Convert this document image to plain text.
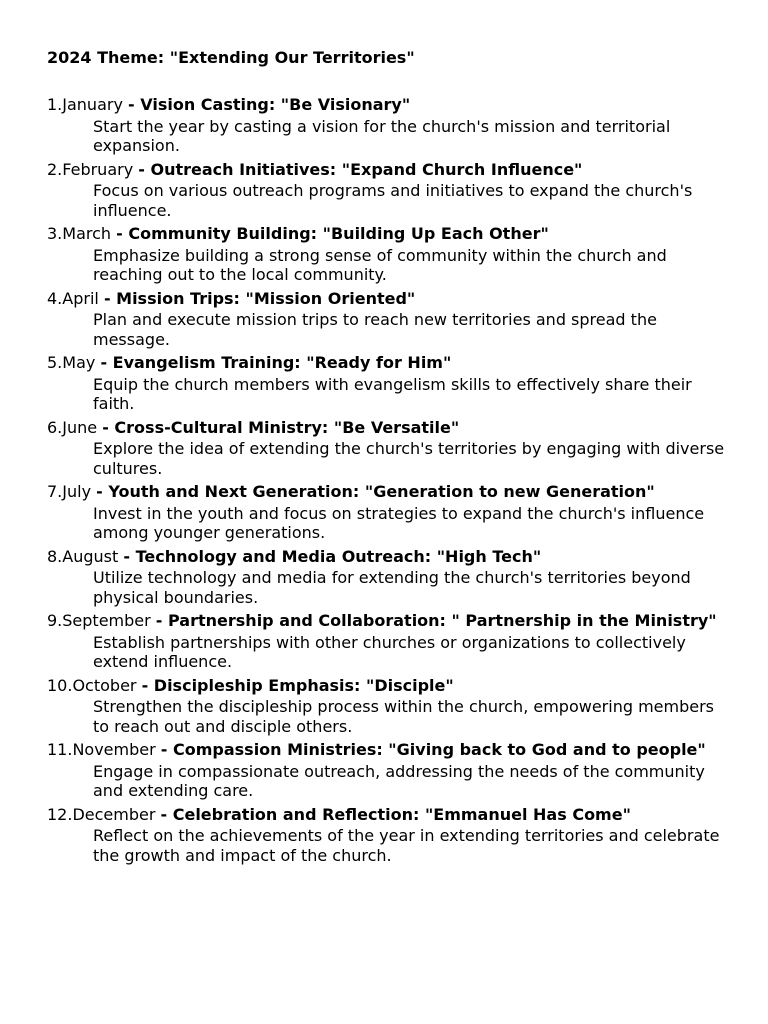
2024 Theme: "Extending Our Territories"
1.January - Vision Casting: "Be Visionary"
Start the year by casting a vision for the church's mission and territorial expansion.
2.February - Outreach Initiatives: "Expand Church Influence"
Focus on various outreach programs and initiatives to expand the church's influence.
3.March - Community Building: "Building Up Each Other"
Emphasize building a strong sense of community within the church and reaching out to the local community.
4.April - Mission Trips: "Mission Oriented"
Plan and execute mission trips to reach new territories and spread the message.
5.May - Evangelism Training: "Ready for Him"
Equip the church members with evangelism skills to effectively share their faith.
6.June - Cross-Cultural Ministry: "Be Versatile"
Explore the idea of extending the church's territories by engaging with diverse cultures.
7.July - Youth and Next Generation: "Generation to new Generation"
Invest in the youth and focus on strategies to expand the church's influence among younger generations.
8.August - Technology and Media Outreach: "High Tech"
Utilize technology and media for extending the church's territories beyond physical boundaries.
9.September - Partnership and Collaboration: " Partnership in the Ministry"
Establish partnerships with other churches or organizations to collectively extend influence.
10.October - Discipleship Emphasis: "Disciple"
Strengthen the discipleship process within the church, empowering members to reach out and disciple others.
11.November - Compassion Ministries: "Giving back to God and to people"
Engage in compassionate outreach, addressing the needs of the community and extending care.
12.December - Celebration and Reflection: "Emmanuel Has Come"
Reflect on the achievements of the year in extending territories and celebrate the growth and impact of the church.
